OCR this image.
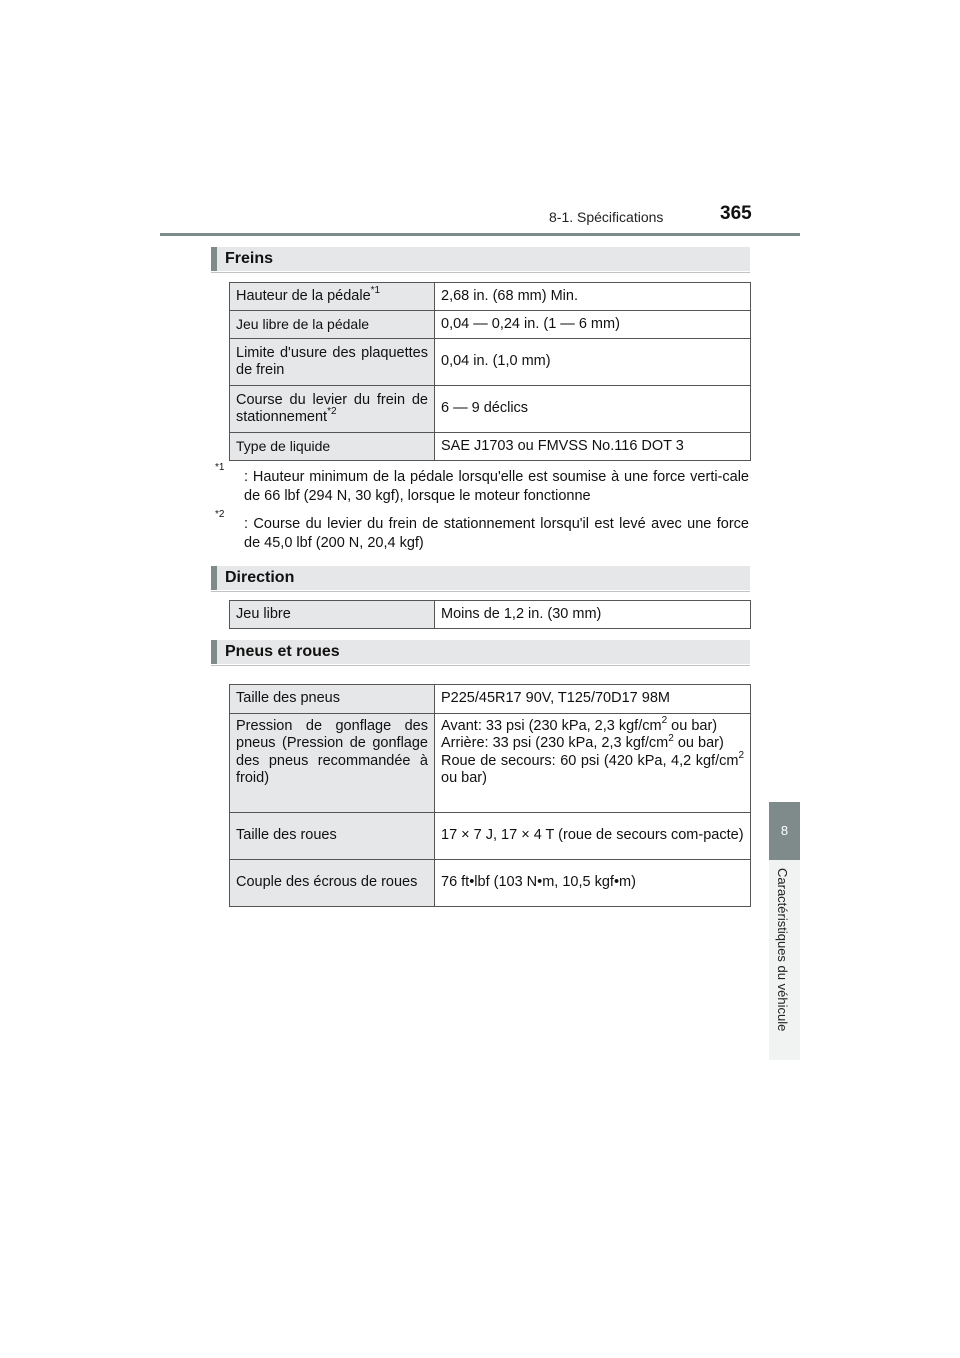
8-1. Spécifications	365
8
Caractéristiques du véhicule
Freins
Hauteur de la pédale$^{*1}$	2,68 in. (68 mm) Min.
Jeu libre de la pédale	0,04 — 0,24 in. (1 — 6 mm)
Limite d'usure des plaquettes de frein	0,04 in. (1,0 mm)
Course du levier du frein de stationnement$^{*2}$	6 — 9 déclics
Type de liquide	SAE J1703 ou FMVSS No.116 DOT 3
*1
: Hauteur minimum de la pédale lorsqu'elle est soumise à une force verti-cale de 66 lbf (294 N, 30 kgf), lorsque le moteur fonctionne
*2
: Course du levier du frein de stationnement lorsqu'il est levé avec une force de 45,0 lbf (200 N, 20,4 kgf)
Direction
Jeu libre	Moins de 1,2 in. (30 mm)
Pneus et roues
Taille des pneus	P225/45R17 90V, T125/70D17 98M
Pression de gonflage des pneus (Pression de gonflage des pneus recommandée à froid)	Avant: 33 psi (230 kPa, 2,3 kgf/$cm^2$ ou bar)
Arrière: 33 psi (230 kPa, 2,3 kgf/$cm^2$ ou bar)
Roue de secours: 60 psi (420 kPa, 4,2 kgf/$cm^2$ ou bar)
Taille des roues	17 × 7 J, 17 × 4 T (roue de secours com-pacte)
Couple des écrous de roues	76 ft•lbf (103 N•m, 10,5 kgf•m)
